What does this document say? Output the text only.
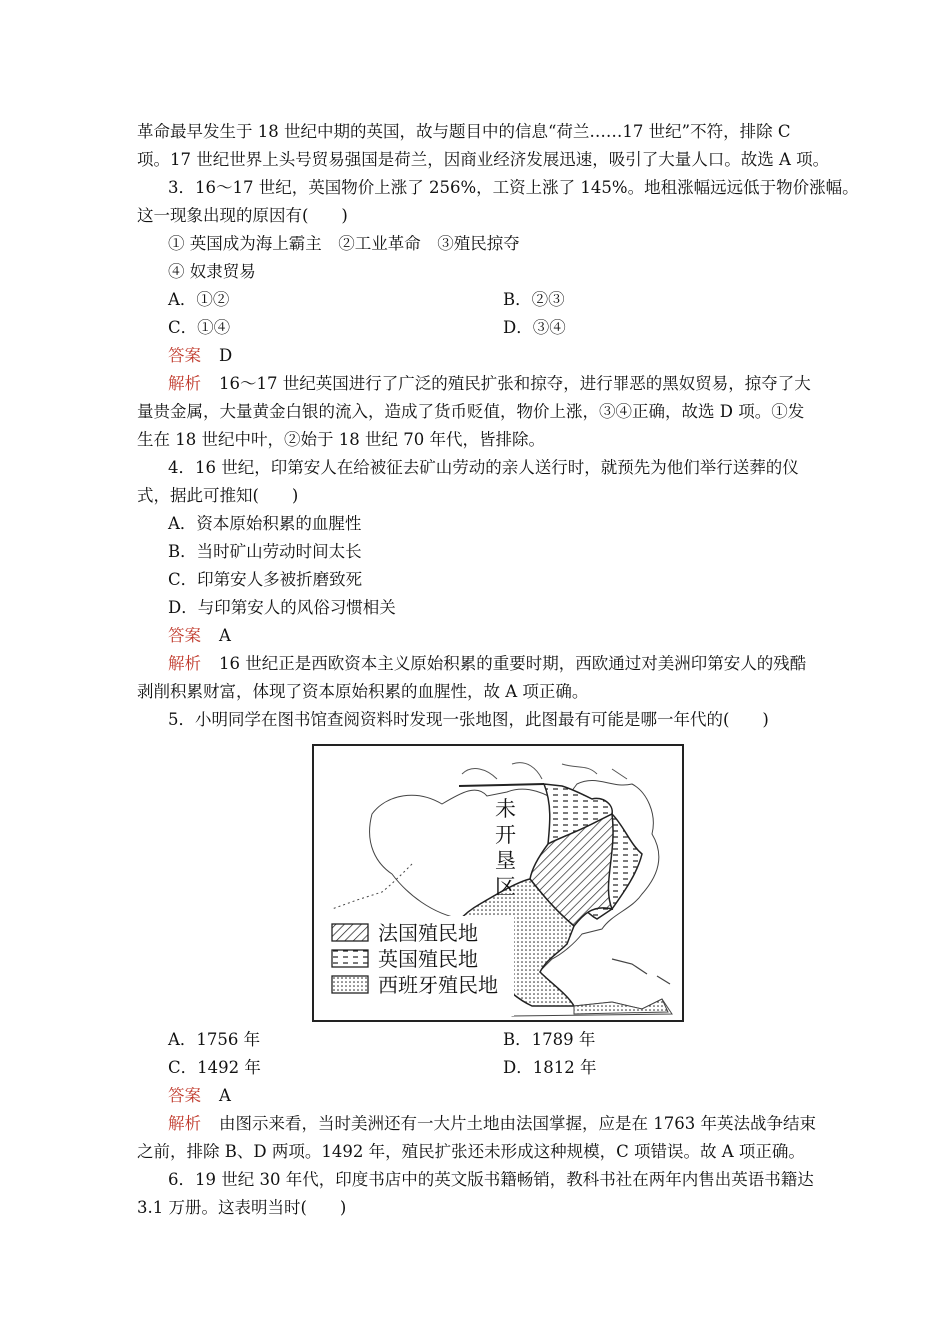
革命最早发生于 18 世纪中期的英国，故与题目中的信息“荷兰……17 世纪”不符，排除 C
项。17 世纪世界上头号贸易强国是荷兰，因商业经济发展迅速，吸引了大量人口。故选 A 项。
3．16～17 世纪，英国物价上涨了 256%，工资上涨了 145%。地租涨幅远远低于物价涨幅。
这一现象出现的原因有(　　)
① 英国成为海上霸主　②工业革命　③殖民掠夺
④ 奴隶贸易
A．①②	B．②③
C．①④	D．③④
答案 D
解析 16～17 世纪英国进行了广泛的殖民扩张和掠夺，进行罪恶的黑奴贸易，掠夺了大
量贵金属，大量黄金白银的流入，造成了货币贬值，物价上涨，③④正确，故选 D 项。①发
生在 18 世纪中叶，②始于 18 世纪 70 年代，皆排除。
4．16 世纪，印第安人在给被征去矿山劳动的亲人送行时，就预先为他们举行送葬的仪
式，据此可推知(　　)
A．资本原始积累的血腥性
B．当时矿山劳动时间太长
C．印第安人多被折磨致死
D．与印第安人的风俗习惯相关
答案 A
解析 16 世纪正是西欧资本主义原始积累的重要时期，西欧通过对美洲印第安人的残酷
剥削积累财富，体现了资本原始积累的血腥性，故 A 项正确。
5．小明同学在图书馆查阅资料时发现一张地图，此图最有可能是哪一年代的(　　)
未
开
垦
区
法国殖民地
英国殖民地
西班牙殖民地
A．1756 年	B．1789 年
C．1492 年	D．1812 年
答案 A
解析 由图示来看，当时美洲还有一大片土地由法国掌握，应是在 1763 年英法战争结束
之前，排除 B、D 两项。1492 年，殖民扩张还未形成这种规模，C 项错误。故 A 项正确。
6．19 世纪 30 年代，印度书店中的英文版书籍畅销，教科书社在两年内售出英语书籍达
3.1 万册。这表明当时(　　)
